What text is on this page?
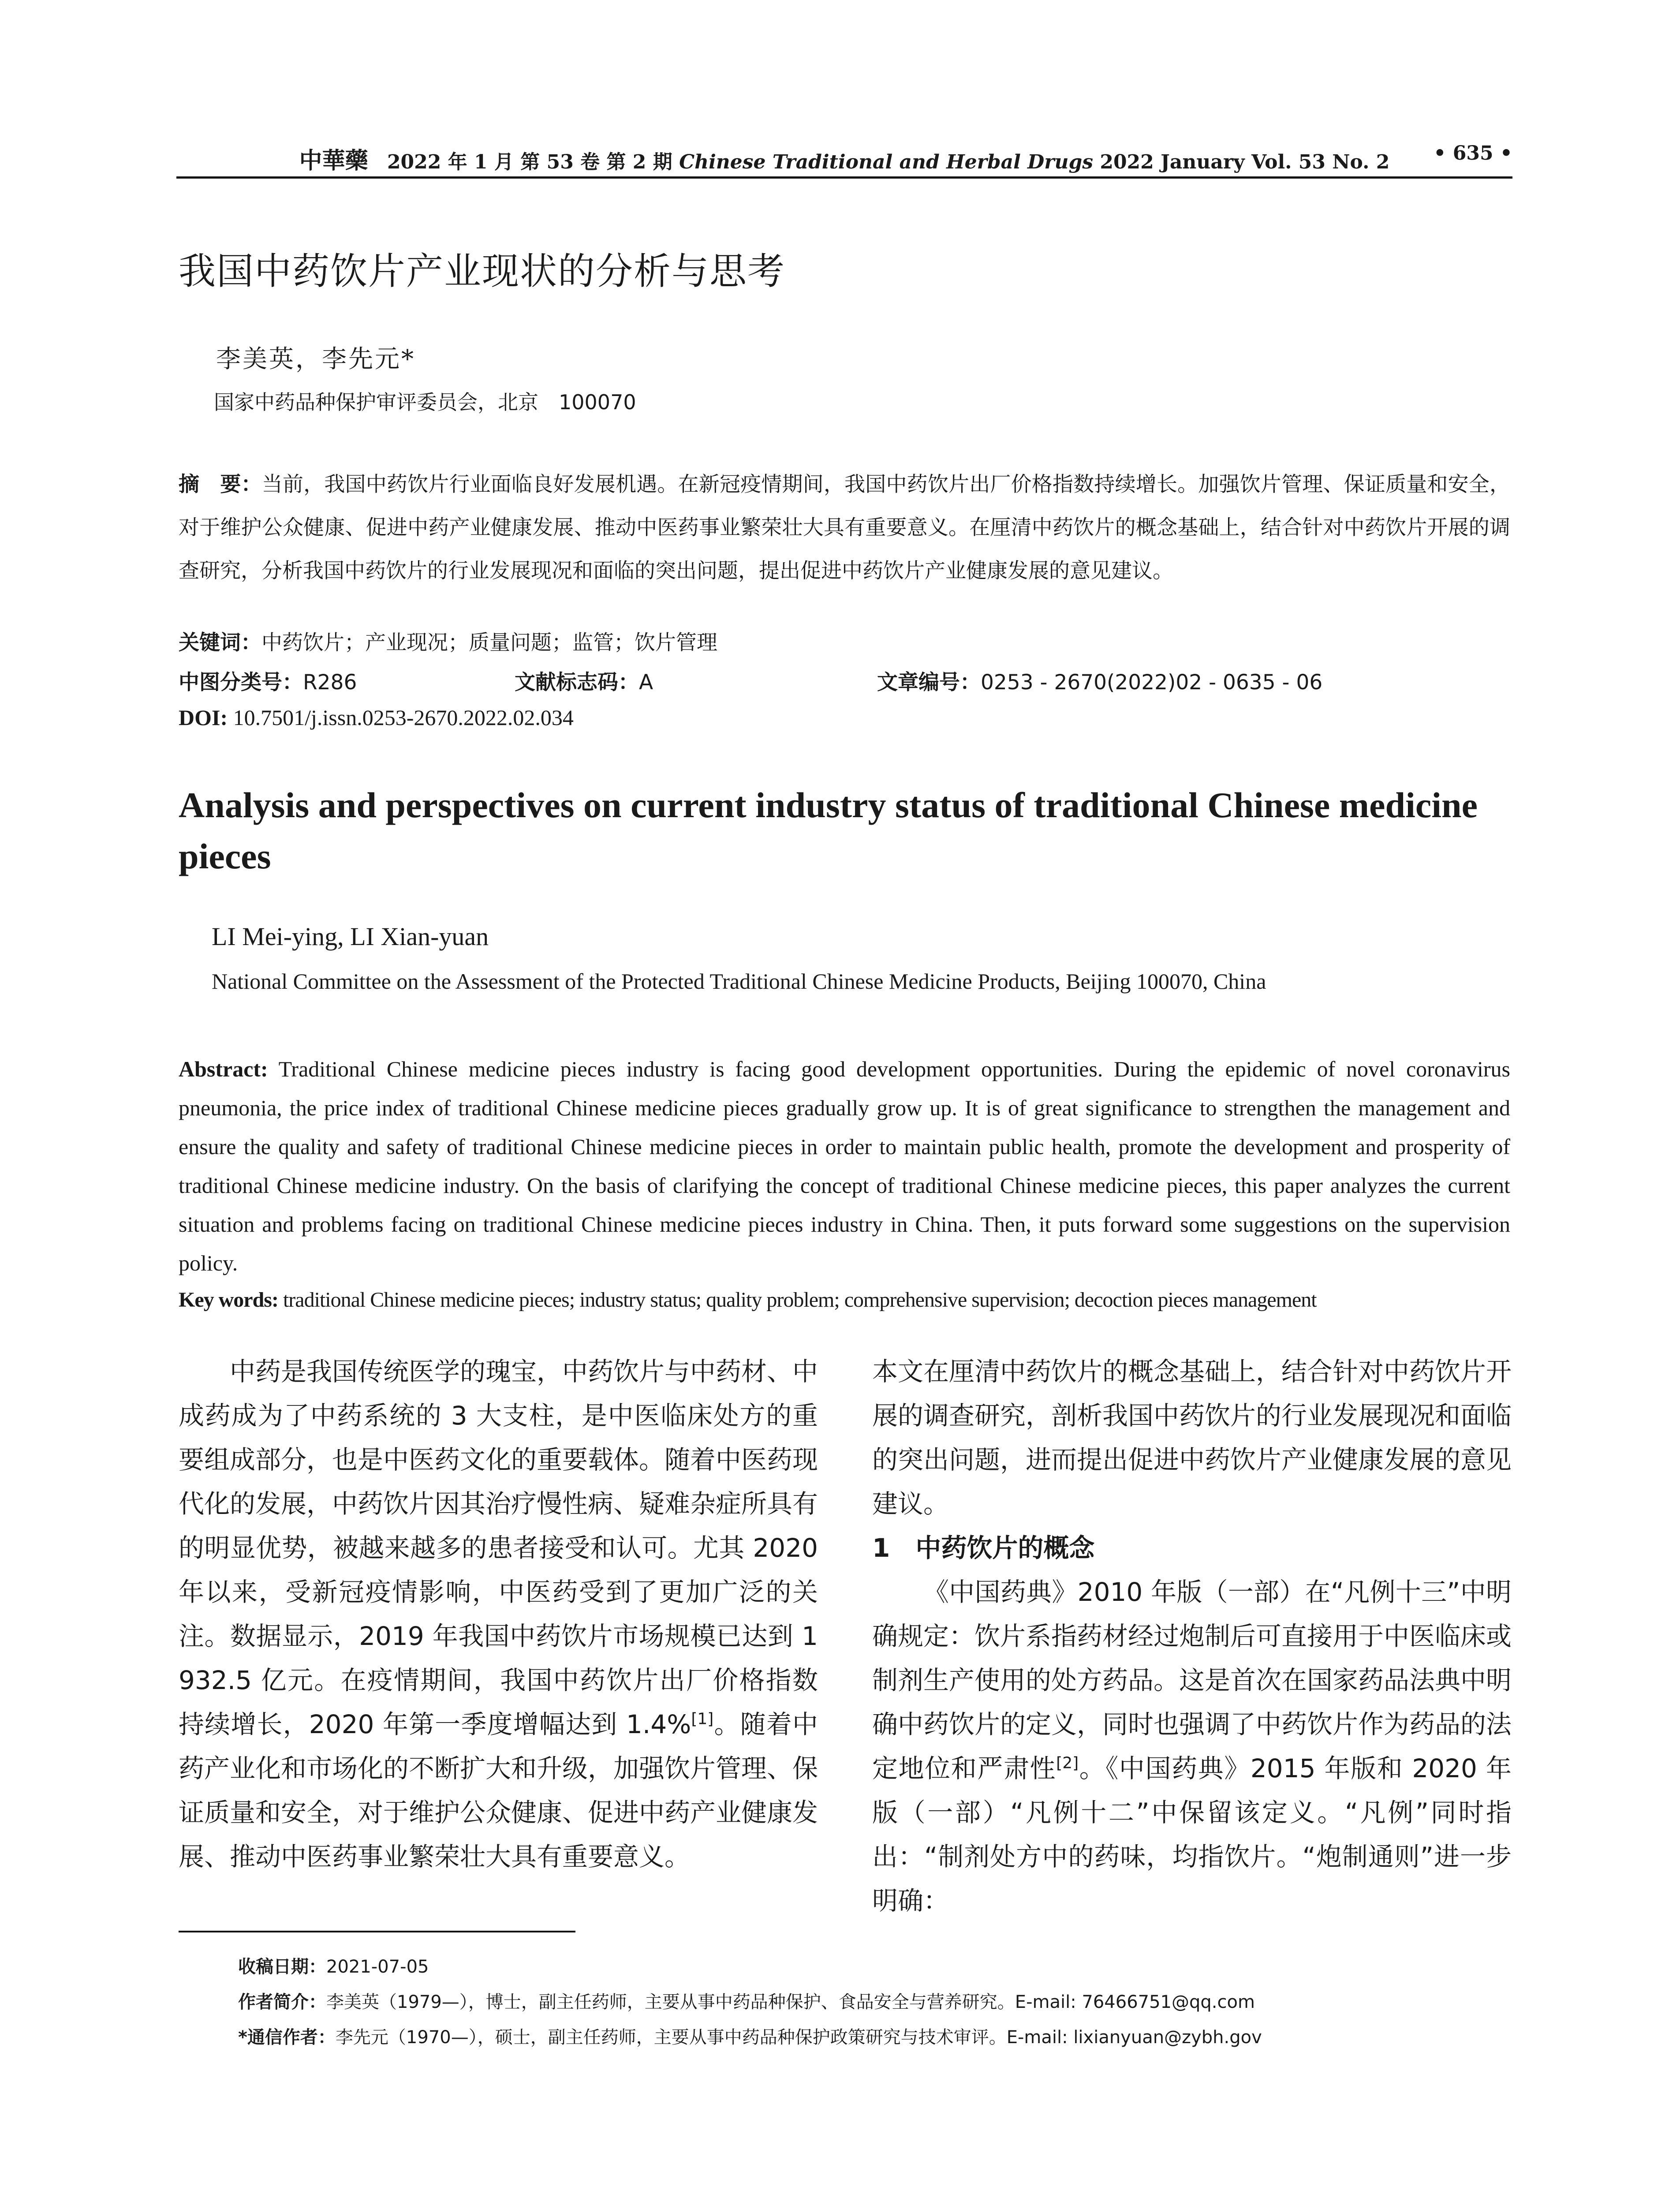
中華藥 2022 年 1 月 第 53 卷 第 2 期 Chinese Traditional and Herbal Drugs 2022 January Vol. 53 No. 2	• 635 •
我国中药饮片产业现状的分析与思考
李美英，李先元*
国家中药品种保护审评委员会，北京　100070
摘　要：当前，我国中药饮片行业面临良好发展机遇。在新冠疫情期间，我国中药饮片出厂价格指数持续增长。加强饮片管理、保证质量和安全，对于维护公众健康、促进中药产业健康发展、推动中医药事业繁荣壮大具有重要意义。在厘清中药饮片的概念基础上，结合针对中药饮片开展的调查研究，分析我国中药饮片的行业发展现况和面临的突出问题，提出促进中药饮片产业健康发展的意见建议。
关键词：中药饮片；产业现况；质量问题；监管；饮片管理
中图分类号：R286	文献标志码：A	文章编号：0253 - 2670(2022)02 - 0635 - 06
DOI: 10.7501/j.issn.0253-2670.2022.02.034
Analysis and perspectives on current industry status of traditional Chinese medicine pieces
LI Mei-ying, LI Xian-yuan
National Committee on the Assessment of the Protected Traditional Chinese Medicine Products, Beijing 100070, China
Abstract: Traditional Chinese medicine pieces industry is facing good development opportunities. During the epidemic of novel coronavirus pneumonia, the price index of traditional Chinese medicine pieces gradually grow up. It is of great significance to strengthen the management and ensure the quality and safety of traditional Chinese medicine pieces in order to maintain public health, promote the development and prosperity of traditional Chinese medicine industry. On the basis of clarifying the concept of traditional Chinese medicine pieces, this paper analyzes the current situation and problems facing on traditional Chinese medicine pieces industry in China. Then, it puts forward some suggestions on the supervision policy.
Key words: traditional Chinese medicine pieces; industry status; quality problem; comprehensive supervision; decoction pieces management

中药是我国传统医学的瑰宝，中药饮片与中药材、中成药成为了中药系统的 3 大支柱，是中医临床处方的重要组成部分，也是中医药文化的重要载体。随着中医药现代化的发展，中药饮片因其治疗慢性病、疑难杂症所具有的明显优势，被越来越多的患者接受和认可。尤其 2020 年以来，受新冠疫情影响，中医药受到了更加广泛的关注。数据显示，2019 年我国中药饮片市场规模已达到 1 932.5 亿元。在疫情期间，我国中药饮片出厂价格指数持续增长，2020 年第一季度增幅达到 1.4%[1]。随着中药产业化和市场化的不断扩大和升级，加强饮片管理、保证质量和安全，对于维护公众健康、促进中药产业健康发展、推动中医药事业繁荣壮大具有重要意义。

本文在厘清中药饮片的概念基础上，结合针对中药饮片开展的调查研究，剖析我国中药饮片的行业发展现况和面临的突出问题，进而提出促进中药饮片产业健康发展的意见建议。

1　中药饮片的概念

《中国药典》2010 年版（一部）在“凡例十三”中明确规定：饮片系指药材经过炮制后可直接用于中医临床或制剂生产使用的处方药品。这是首次在国家药品法典中明确中药饮片的定义，同时也强调了中药饮片作为药品的法定地位和严肃性[2]。《中国药典》2015 年版和 2020 年版（一部）“凡例十二”中保留该定义。“凡例”同时指出：“制剂处方中的药味，均指饮片。“炮制通则”进一步明确：

收稿日期：2021-07-05
作者简介：李美英（1979—），博士，副主任药师，主要从事中药品种保护、食品安全与营养研究。E-mail: 76466751@qq.com
*通信作者：李先元（1970—），硕士，副主任药师，主要从事中药品种保护政策研究与技术审评。E-mail: lixianyuan@zybh.gov
